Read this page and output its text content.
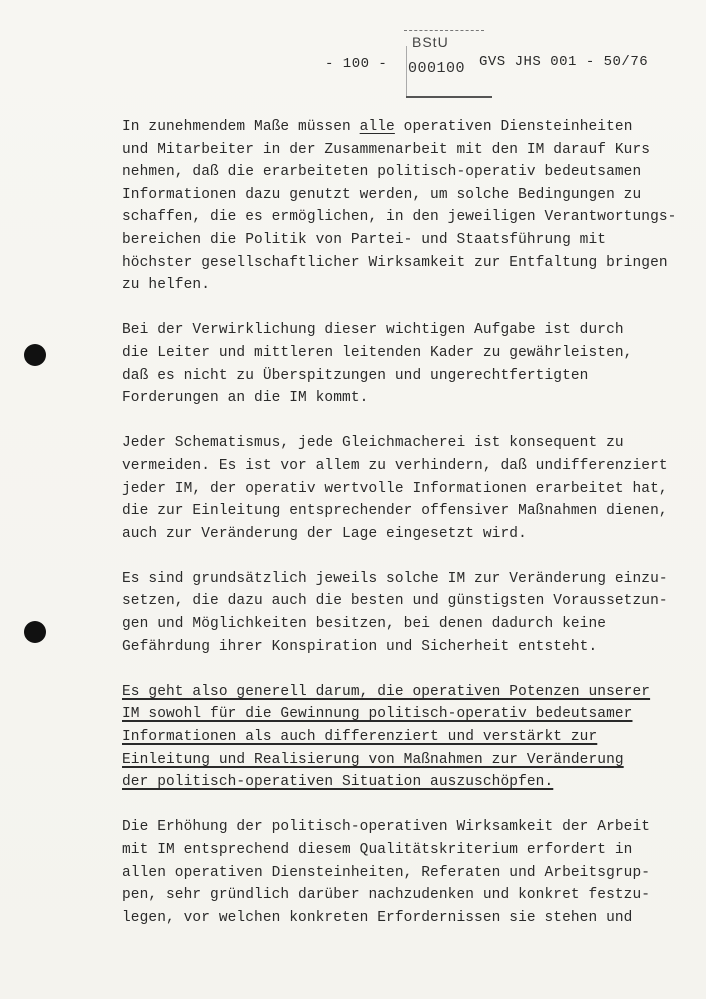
- 100 -	GVS JHS 001 - 50/76
BStU
000100
In zunehmendem Maße müssen alle operativen Diensteinheiten
und Mitarbeiter in der Zusammenarbeit mit den IM darauf Kurs
nehmen, daß die erarbeiteten politisch-operativ bedeutsamen
Informationen dazu genutzt werden, um solche Bedingungen zu
schaffen, die es ermöglichen, in den jeweiligen Verantwortungs-
bereichen die Politik von Partei- und Staatsführung mit
höchster gesellschaftlicher Wirksamkeit zur Entfaltung bringen
zu helfen.
Bei der Verwirklichung dieser wichtigen Aufgabe ist durch
die Leiter und mittleren leitenden Kader zu gewährleisten,
daß es nicht zu Überspitzungen und ungerechtfertigten
Forderungen an die IM kommt.
Jeder Schematismus, jede Gleichmacherei ist konsequent zu
vermeiden. Es ist vor allem zu verhindern, daß undifferenziert
jeder IM, der operativ wertvolle Informationen erarbeitet hat,
die zur Einleitung entsprechender offensiver Maßnahmen dienen,
auch zur Veränderung der Lage eingesetzt wird.
Es sind grundsätzlich jeweils solche IM zur Veränderung einzu-
setzen, die dazu auch die besten und günstigsten Voraussetzun-
gen und Möglichkeiten besitzen, bei denen dadurch keine
Gefährdung ihrer Konspiration und Sicherheit entsteht.
Es geht also generell darum, die operativen Potenzen unserer
IM sowohl für die Gewinnung politisch-operativ bedeutsamer
Informationen als auch differenziert und verstärkt zur
Einleitung und Realisierung von Maßnahmen zur Veränderung
der politisch-operativen Situation auszuschöpfen.
Die Erhöhung der politisch-operativen Wirksamkeit der Arbeit
mit IM entsprechend diesem Qualitätskriterium erfordert in
allen operativen Diensteinheiten, Referaten und Arbeitsgrup-
pen, sehr gründlich darüber nachzudenken und konkret festzu-
legen, vor welchen konkreten Erfordernissen sie stehen und
